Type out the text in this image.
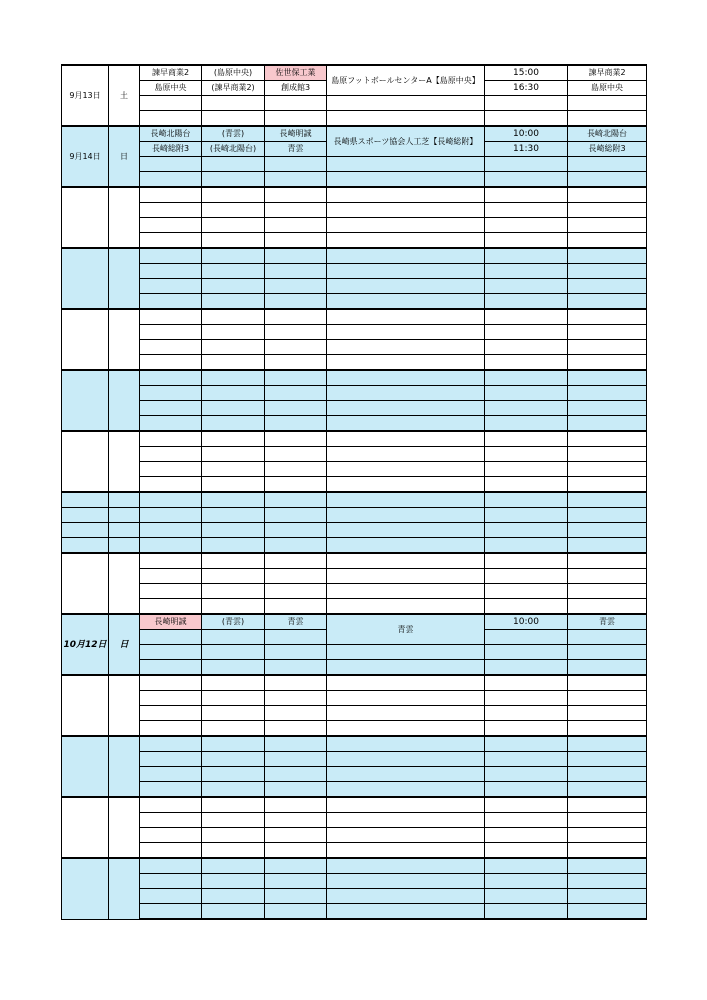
9月13日	土	諫早商業2	(島原中央)	佐世保工業	島原フットボールセンターA【島原中央】	15:00	諫早商業2
		島原中央	(諫早商業2)	創成館3		16:30	島原中央

9月14日	日	長崎北陽台	(青雲)	長崎明誠	長崎県スポーツ協会人工芝【長崎総附】	10:00	長崎北陽台
		長崎総附3	(長崎北陽台)	青雲		11:30	長崎総附3

10月12日	日	長崎明誠	(青雲)	青雲	青雲	10:00	青雲
